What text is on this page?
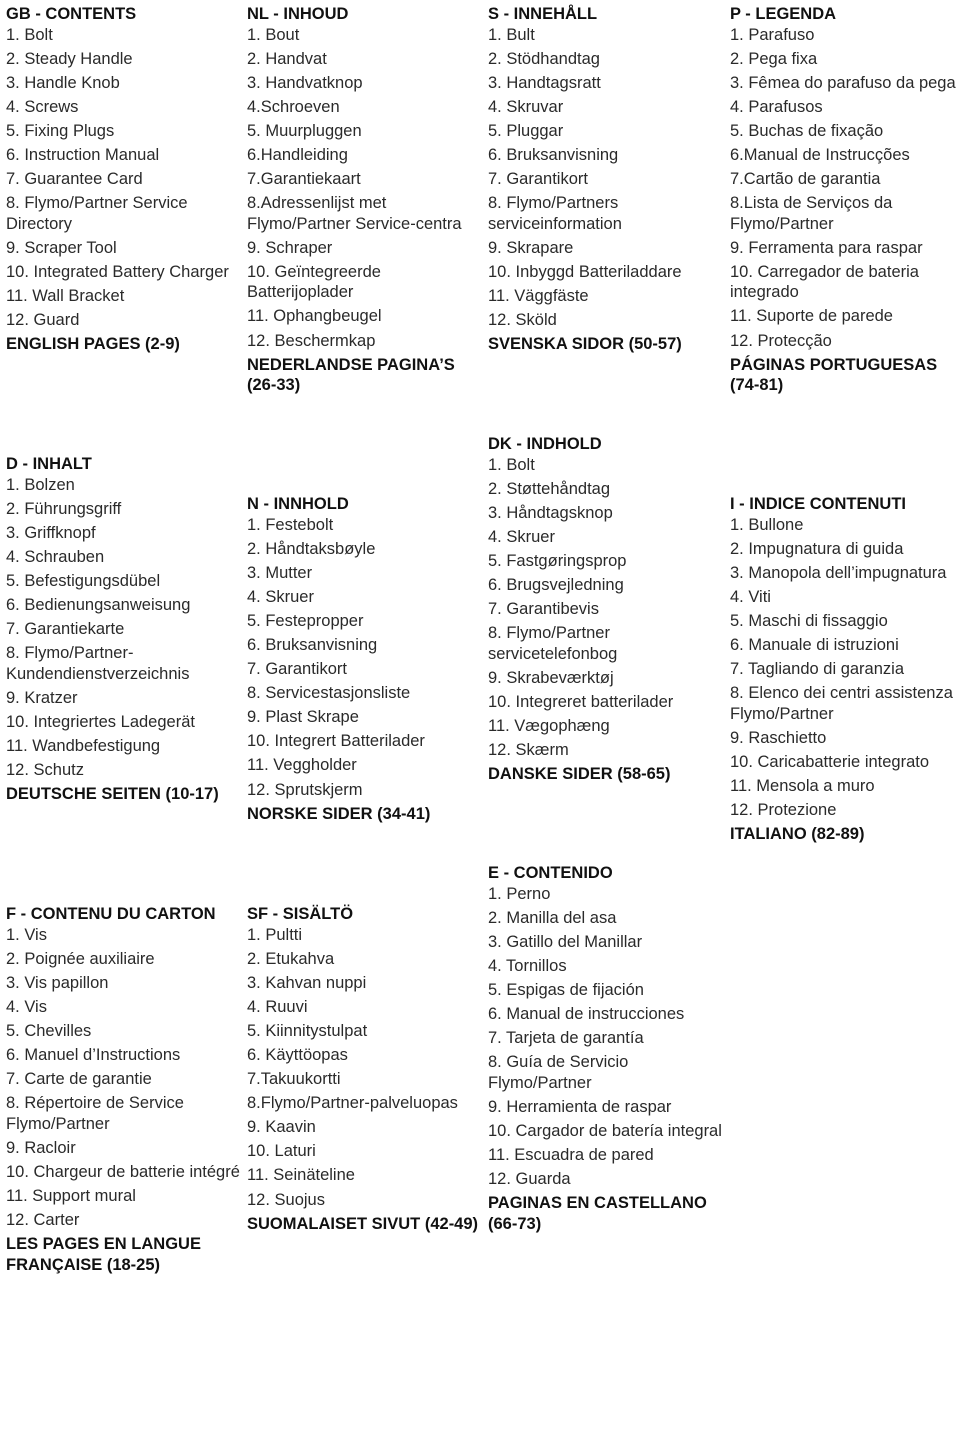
GB - CONTENTS
1. Bolt
2. Steady Handle
3. Handle Knob
4. Screws
5. Fixing Plugs
6. Instruction Manual
7. Guarantee Card
8. Flymo/Partner Service Directory
9. Scraper Tool
10. Integrated Battery Charger
11. Wall Bracket
12. Guard
ENGLISH PAGES (2-9)
NL - INHOUD
1. Bout
2. Handvat
3. Handvatknop
4.Schroeven
5. Muurpluggen
6.Handleiding
7.Garantiekaart
8.Adressenlijst met Flymo/Partner Service-centra
9. Schraper
10. Geïntegreerde Batterijoplader
11. Ophangbeugel
12. Beschermkap
NEDERLANDSE PAGINA’S (26-33)
S - INNEHÅLL
1. Bult
2. Stödhandtag
3. Handtagsratt
4. Skruvar
5. Pluggar
6. Bruksanvisning
7. Garantikort
8. Flymo/Partners serviceinformation
9. Skrapare
10. Inbyggd Batteriladdare
11. Väggfäste
12. Sköld
SVENSKA SIDOR (50-57)
P - LEGENDA
1. Parafuso
2. Pega fixa
3. Fêmea do parafuso da pega
4. Parafusos
5. Buchas de fixação
6.Manual de Instrucções
7.Cartão de garantia
8.Lista de Serviços da Flymo/Partner
9. Ferramenta para raspar
10. Carregador de bateria integrado
11. Suporte de parede
12. Protecção
PÁGINAS PORTUGUESAS (74-81)
D - INHALT
1. Bolzen
2. Führungsgriff
3. Griffknopf
4. Schrauben
5. Befestigungsdübel
6. Bedienungsanweisung
7. Garantiekarte
8. Flymo/Partner-Kundendienstverzeichnis
9. Kratzer
10. Integriertes Ladegerät
11. Wandbefestigung
12. Schutz
DEUTSCHE SEITEN (10-17)
N - INNHOLD
1. Festebolt
2. Håndtaksbøyle
3. Mutter
4. Skruer
5. Festepropper
6. Bruksanvisning
7. Garantikort
8. Servicestasjonsliste
9. Plast Skrape
10. Integrert Batterilader
11. Veggholder
12. Sprutskjerm
NORSKE SIDER (34-41)
DK - INDHOLD
1. Bolt
2. Støttehåndtag
3. Håndtagsknop
4. Skruer
5. Fastgøringsprop
6. Brugsvejledning
7. Garantibevis
8. Flymo/Partner servicetelefonbog
9. Skrabeværktøj
10. Integreret batterilader
11. Vægophæng
12. Skærm
DANSKE SIDER (58-65)
I - INDICE CONTENUTI
1. Bullone
2. Impugnatura di guida
3. Manopola dell’impugnatura
4. Viti
5. Maschi di fissaggio
6. Manuale di istruzioni
7. Tagliando di garanzia
8. Elenco dei centri assistenza Flymo/Partner
9. Raschietto
10. Caricabatterie integrato
11. Mensola a muro
12. Protezione
ITALIANO (82-89)
F - CONTENU DU CARTON
1. Vis
2. Poignée auxiliaire
3. Vis papillon
4. Vis
5. Chevilles
6. Manuel d’Instructions
7. Carte de garantie
8. Répertoire de Service Flymo/Partner
9. Racloir
10. Chargeur de batterie intégré
11. Support mural
12. Carter
LES PAGES EN LANGUE FRANÇAISE (18-25)
SF - SISÄLTÖ
1. Pultti
2. Etukahva
3. Kahvan nuppi
4. Ruuvi
5. Kiinnitystulpat
6. Käyttöopas
7.Takuukortti
8.Flymo/Partner-palveluopas
9. Kaavin
10. Laturi
11. Seinäteline
12. Suojus
SUOMALAISET SIVUT (42-49)
E - CONTENIDO
1. Perno
2. Manilla del asa
3. Gatillo del Manillar
4. Tornillos
5. Espigas de fijación
6. Manual de instrucciones
7. Tarjeta de garantía
8. Guía de Servicio Flymo/Partner
9. Herramienta de raspar
10. Cargador de batería integral
11. Escuadra de pared
12. Guarda
PAGINAS EN CASTELLANO (66-73)
